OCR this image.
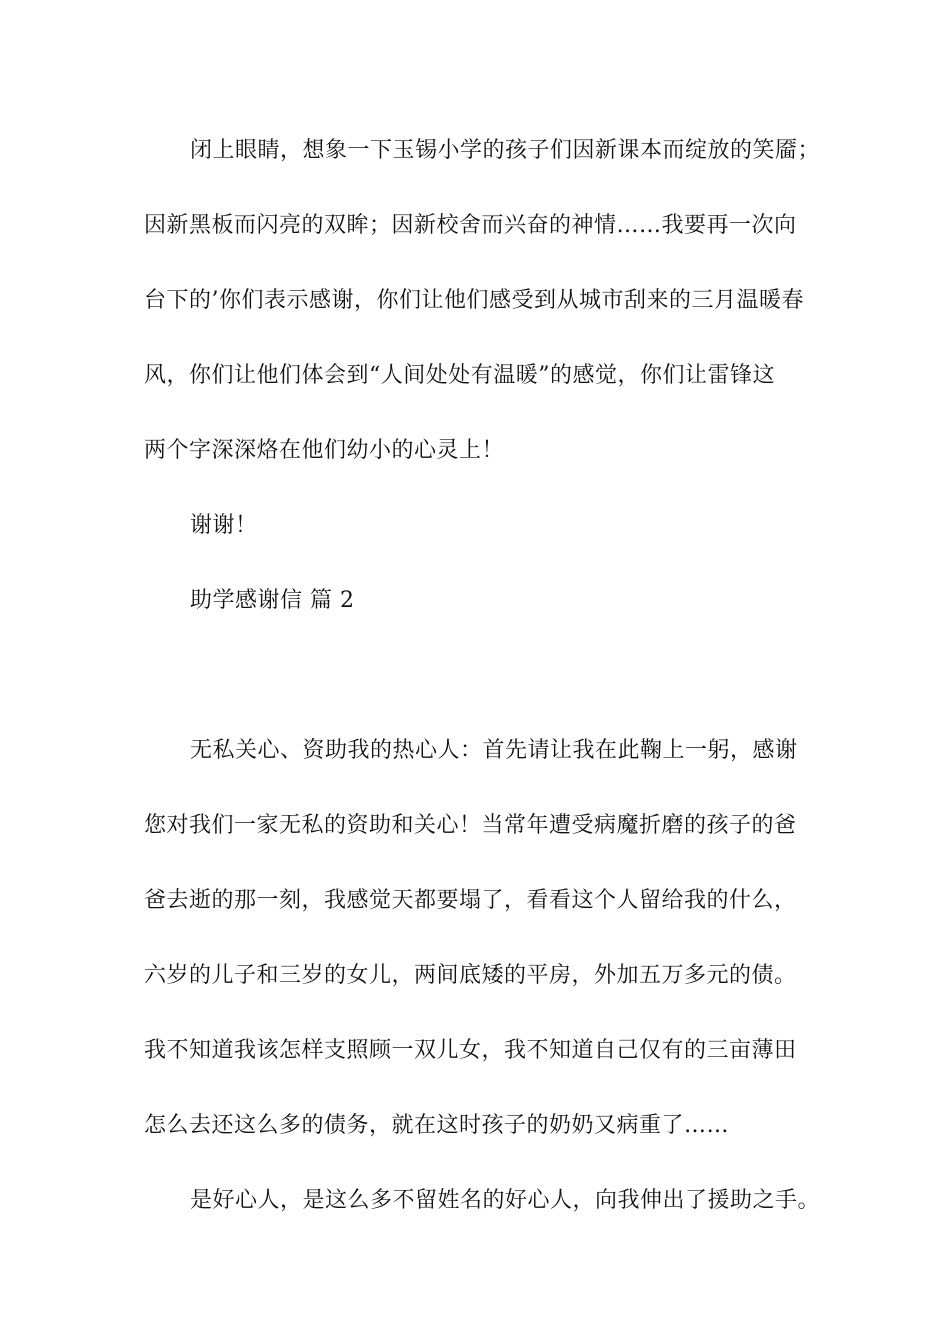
闭上眼睛，想象一下玉锡小学的孩子们因新课本而绽放的笑靥；
因新黑板而闪亮的双眸；因新校舍而兴奋的神情……我要再一次向
台下的’你们表示感谢，你们让他们感受到从城市刮来的三月温暖春
风，你们让他们体会到“人间处处有温暖”的感觉，你们让雷锋这
两个字深深烙在他们幼小的心灵上！
谢谢！
助学感谢信 篇 2
无私关心、资助我的热心人：首先请让我在此鞠上一躬，感谢
您对我们一家无私的资助和关心！当常年遭受病魔折磨的孩子的爸
爸去逝的那一刻，我感觉天都要塌了，看看这个人留给我的什么，
六岁的儿子和三岁的女儿，两间底矮的平房，外加五万多元的债。
我不知道我该怎样支照顾一双儿女，我不知道自己仅有的三亩薄田
怎么去还这么多的债务，就在这时孩子的奶奶又病重了……
是好心人，是这么多不留姓名的好心人，向我伸出了援助之手。
